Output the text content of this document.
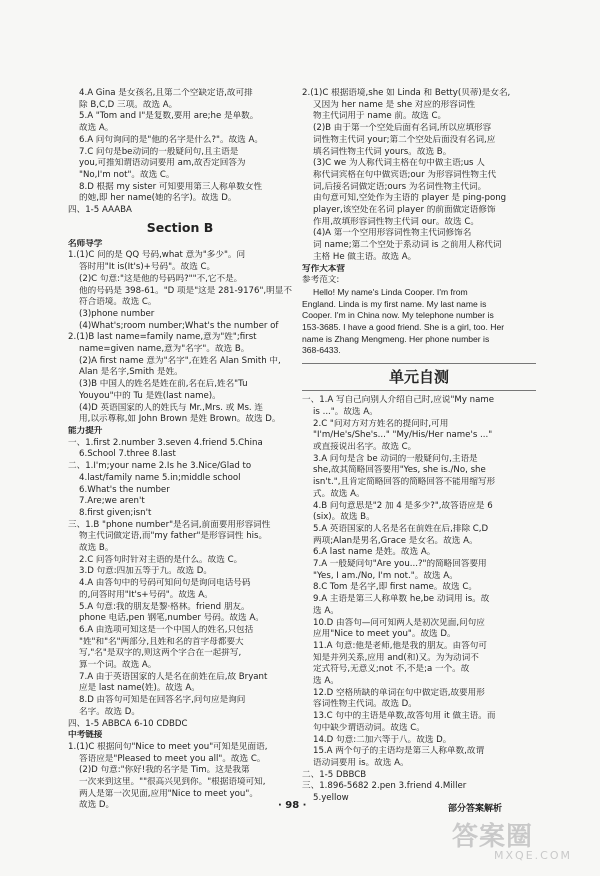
4.A Gina 是女孩名,且第二个空缺定语,故可排
除 B,C,D 三项。故选 A。
5.A "Tom and I"是复数,要用 are;he 是单数。
故选 A。
6.A 问句询问的是"他的名字是什么?"。故选 A。
7.C 问句是be动词的一般疑问句,且主语是
you,可推知谓语动词要用 am,故否定回答为
"No,I'm not"。故选 C。
8.D 根据 my sister 可知要用第三人称单数女性
的她,即 her name(她的名字)。故选 D。
四、1-5 AAABA
Section B
名师导学
1.(1)C 问的是 QQ 号码,what 意为"多少"。问
答时用"It is(It's)+号码"。故选 C。
(2)C 句意:"这是他的号码吗?""不,它不是。
他的号码是 398-61。"D 项是"这是 281-9176",明显不
符合语境。故选 C。
(3)phone number
(4)What's;room number;What's the number of
2.(1)B last name=family name,意为"姓";first
name=given name,意为"名字"。故选 B。
(2)A first name 意为"名字",在姓名 Alan Smith 中,
Alan 是名字,Smith 是姓。
(3)B 中国人的姓名是姓在前,名在后,姓名"Tu
Youyou"中的 Tu 是姓(last name)。
(4)D 英语国家的人的姓氏与 Mr.,Mrs. 或 Ms. 连
用,以示尊称,如 John Brown 是姓 Brown。故选 D。
能力提升
一、1.first 2.number 3.seven 4.friend 5.China
6.School 7.three 8.last
二、1.I'm;your name 2.Is he 3.Nice/Glad to
4.last/family name 5.in;middle school
6.What's the number
7.Are;we aren't
8.first given;isn't
三、1.B "phone number"是名词,前面要用形容词性
物主代词做定语,而"my father"是形容词性 his。
故选 B。
2.C 问答句时针对主语的是什么。故选 C。
3.D 句意:四加五等于九。故选 D。
4.A 由答句中的号码可知问句是询问电话号码
的,问答时用"It's+号码"。故选 A。
5.A 句意:我的朋友是黎·格林。friend 朋友。
phone 电话,pen 钢笔,number 号码。故选 A。
6.A 由选项可知这是一个中国人的姓名,只包括
"姓"和"名"两部分,且姓和名的首字母都要大
写,"名"是双字的,则这两个字合在一起拼写,
算一个词。故选 A。
7.A 由于英语国家的人是名在前姓在后,故 Bryant
应是 last name(姓)。故选 A。
8.D 由答句可知是在回答名字,问句应是询问
名字。故选 D。
四、1-5 ABBCA 6-10 CDBDC
中考链接
1.(1)C 根据问句"Nice to meet you"可知是见面语,
答语应是"Pleased to meet you all"。故选 C。
(2)D 句意:"你好!我的名字是 Tim。这是我第
一次来到这里。""很高兴见到你。"根据语境可知,
两人是第一次见面,应用"Nice to meet you"。
故选 D。
2.(1)C 根据语境,she 如 Linda 和 Betty(贝蒂)是女名,
又因为 her name 是 she 对应的形容词性
物主代词用于 name 前。故选 C。
(2)B 由于第一个空处后面有名词,所以应填形容
词性物主代词 your;第二个空处后面没有名词,应
填名词性物主代词 yours。故选 B。
(3)C we 为人称代词主格在句中做主语;us 人
称代词宾格在句中做宾语;our 为形容词性物主代
词,后接名词做定语;ours 为名词性物主代词。
由句意可知,空处作为主语的 player 是 ping-pong
player,该空处在名词 player 的前面做定语修饰
作用,故填形容词性物主代词 our。故选 C。
(4)A 第一个空用形容词性物主代词修饰名
词 name;第二个空处于系动词 is 之前用人称代词
主格 He 做主语。故选 A。
写作大本营
参考范文:
Hello! My name's Linda Cooper. I'm from
England. Linda is my first name. My last name is
Cooper. I'm in China now. My telephone number is
153-3685. I have a good friend. She is a girl, too. Her
name is Zhang Mengmeng. Her phone number is
368-6433.
单元自测
一、1.A 写自己向别人介绍自己时,应说"My name
is ..."。故选 A。
2.C "问对方对方姓名的提问时,可用
"I'm/He's/She's..." "My/His/Her name's ..."
或直接说出名字。故选 C。
3.A 问句是含 be 动词的一般疑问句,主语是
she,故其简略回答要用"Yes, she is./No, she
isn't.",且肯定简略回答的简略回答不能用缩写形
式。故选 A。
4.B 问句意思是"2 加 4 是多少?",故答语应是 6
(six)。故选 B。
5.A 英语国家的人名是名在前姓在后,排除 C,D
两项;Alan是男名,Grace 是女名。故选 A。
6.A last name 是姓。故选 A。
7.A 一般疑问句"Are you...?"的简略回答要用
"Yes, I am./No, I'm not."。故选 A。
8.C Tom 是名字,即 first name。故选 C。
9.A 主语是第三人称单数 he,be 动词用 is。故
选 A。
10.D 由答句—问可知两人是初次见面,问句应
应用"Nice to meet you"。故选 D。
11.A 句意:他是老师,他是我的朋友。由答句可
知是并列关系,应用 and(和)又。为为动词不
定式符号,无意义;not 不,不是;a 一个。故
选 A。
12.D 空格所缺的单词在句中做定语,故要用形
容词性物主代词。故选 D。
13.C 句中的主语是单数,故答句用 it 做主语。而
句中缺少谓语动词。故选 C。
14.D 句意:二加六等于八。故选 D。
15.A 两个句子的主语均是第三人称单数,故谓
语动词要用 is。故选 A。
二、1-5 DBBCB
三、1.896-5682 2.pen 3.friend 4.Miller
5.yellow
· 98 ·	部分答案解析
答案圈
MXQE.COM
